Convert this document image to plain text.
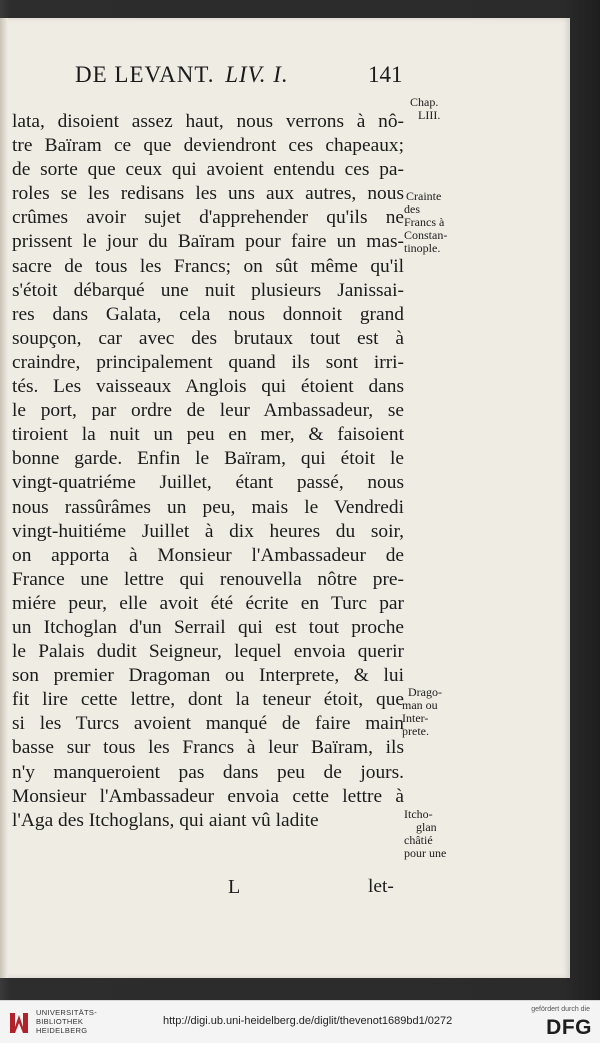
DE LEVANT. LIV. I.	141
lata, disoient assez haut, nous verrons à nô-
tre Baïram ce que deviendront ces chapeaux;
de sorte que ceux qui avoient entendu ces pa-
roles se les redisans les uns aux autres, nous
crûmes avoir sujet d'apprehender qu'ils ne
prissent le jour du Baïram pour faire un mas-
sacre de tous les Francs; on sût même qu'il
s'étoit débarqué une nuit plusieurs Janissai-
res dans Galata, cela nous donnoit grand
soupçon, car avec des brutaux tout est à
craindre, principalement quand ils sont irri-
tés. Les vaisseaux Anglois qui étoient dans
le port, par ordre de leur Ambassadeur, se
tiroient la nuit un peu en mer, & faisoient
bonne garde. Enfin le Baïram, qui étoit le
vingt-quatriéme Juillet, étant passé, nous
nous rassûrâmes un peu, mais le Vendredi
vingt-huitiéme Juillet à dix heures du soir,
on apporta à Monsieur l'Ambassadeur de
France une lettre qui renouvella nôtre pre-
miére peur, elle avoit été écrite en Turc par
un Itchoglan d'un Serrail qui est tout proche
le Palais dudit Seigneur, lequel envoia querir
son premier Dragoman ou Interprete, & lui
fit lire cette lettre, dont la teneur étoit, que
si les Turcs avoient manqué de faire main
basse sur tous les Francs à leur Baïram, ils
n'y manqueroient pas dans peu de jours.
Monsieur l'Ambassadeur envoia cette lettre à
l'Aga des Itchoglans, qui aiant vû ladite
Chap.
LIII.
Crainte
des
Francs à
Constan-
tinople.
Drago-
man ou
Inter-
prete.
Itcho-
glan
châtié
pour une
L	let-
UNIVERSITÄTS-
BIBLIOTHEK
HEIDELBERG
http://digi.ub.uni-heidelberg.de/diglit/thevenot1689bd1/0272
gefördert durch die
DFG
